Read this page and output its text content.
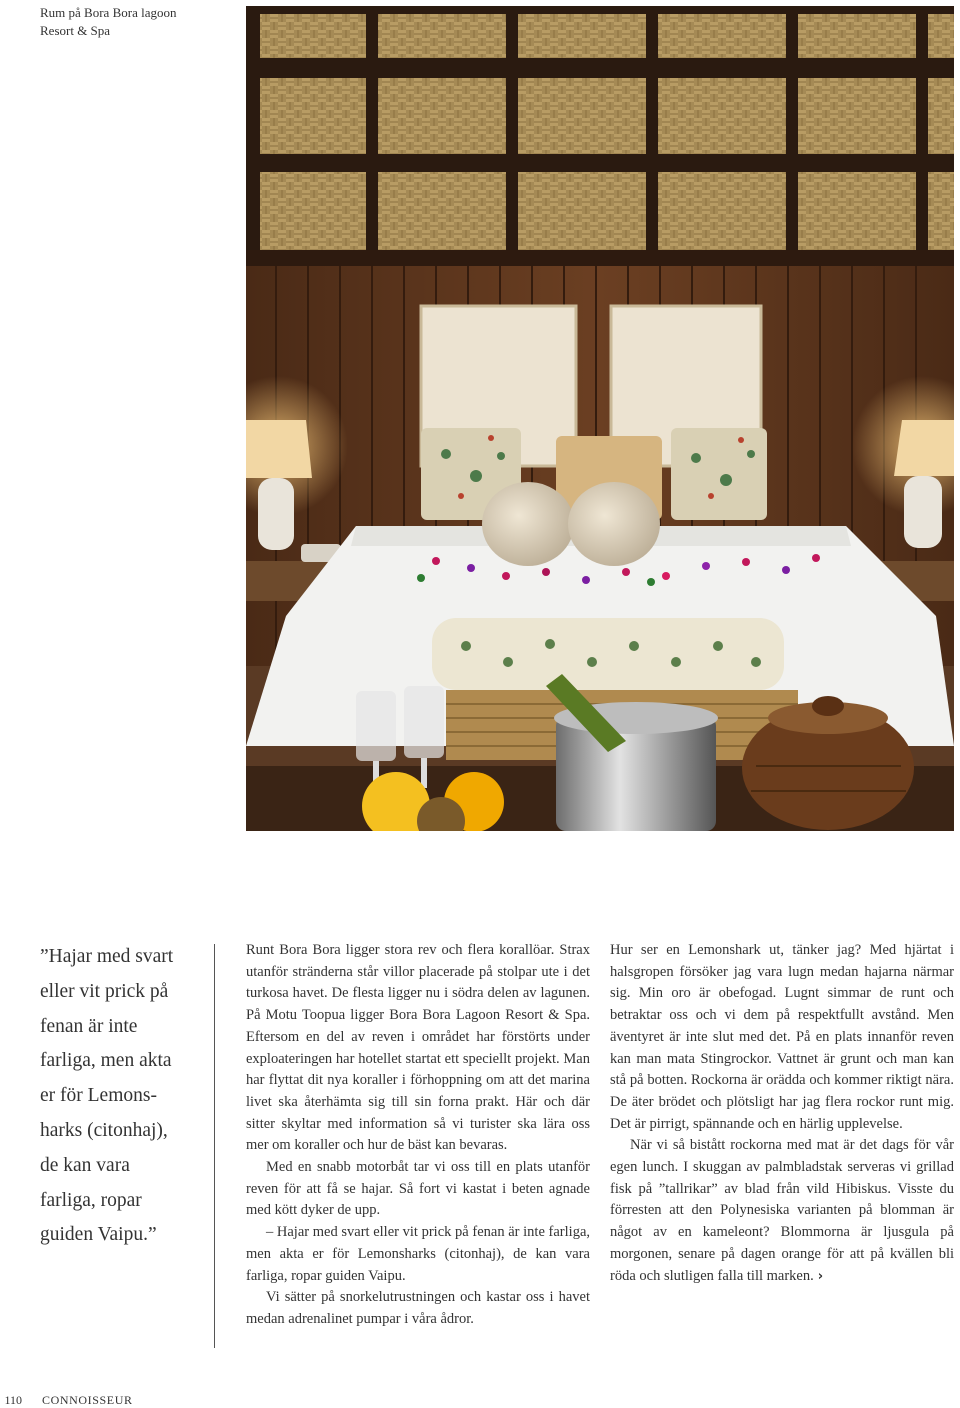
Rum på Bora Bora lagoon
Resort & Spa
”Hajar med svart
eller vit prick på
fenan är inte
farliga, men akta
er för Lemons-
harks (citonhaj),
de kan vara
farliga, ropar
guiden Vaipu.”

Runt Bora Bora ligger stora rev och flera korallöar. Strax utanför stränderna står villor placerade på stolpar ute i det turkosa havet. De flesta ligger nu i södra delen av lagunen. På Motu Toopua ligger Bora Bora Lagoon Resort & Spa. Eftersom en del av reven i området har förstörts under exploateringen har hotellet startat ett speciellt projekt. Man har flyttat dit nya koraller i förhoppning om att det marina livet ska återhämta sig till sin forna prakt. Här och där sitter skyltar med information så vi turister ska lära oss mer om koraller och hur de bäst kan bevaras.

Med en snabb motorbåt tar vi oss till en plats utanför reven för att få se hajar. Så fort vi kastat i beten agnade med kött dyker de upp.

– Hajar med svart eller vit prick på fenan är inte farliga, men akta er för Lemonsharks (citonhaj), de kan vara farliga, ropar guiden Vaipu.

Vi sätter på snorkelutrustningen och kastar oss i havet medan adrenalinet pumpar i våra ådror.

Hur ser en Lemonshark ut, tänker jag? Med hjärtat i halsgropen försöker jag vara lugn medan hajarna närmar sig. Min oro är obefogad. Lugnt simmar de runt och betraktar oss och vi dem på respektfullt avstånd. Men äventyret är inte slut med det. På en plats innanför reven kan man mata Stingrockor. Vattnet är grunt och man kan stå på botten. Rockorna är orädda och kommer riktigt nära. De äter brödet och plötsligt har jag flera rockor runt mig. Det är pirrigt, spännande och en härlig upplevelse.

När vi så bistått rockorna med mat är det dags för vår egen lunch. I skuggan av palmbladstak serveras vi grillad fisk på ”tallrikar” av blad från vild Hibiskus. Visste du förresten att den Polynesiska varianten på blomman är något av en kameleont? Blommorna är ljusgula på morgonen, senare på dagen orange för att på kvällen bli röda och slutligen falla till marken. ›

110 CONNOISSEUR
